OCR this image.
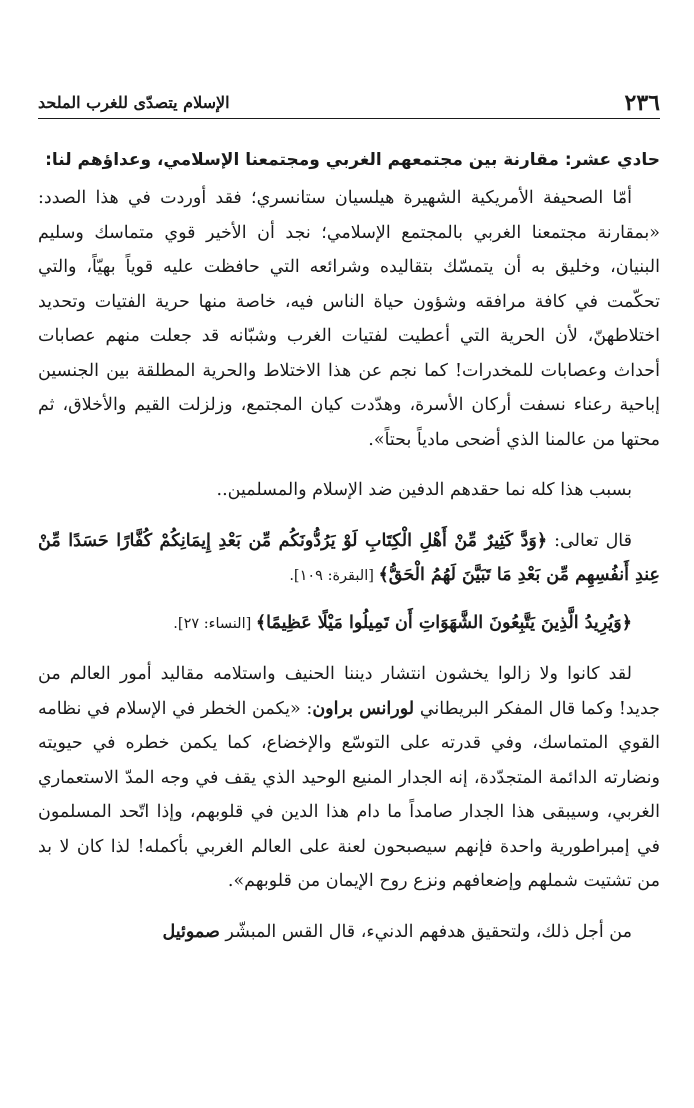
٢٣٦
الإسلام يتصدّى للغرب الملحد
حادي عشر: مقارنة بين مجتمعهم الغربي ومجتمعنا الإسلامي، وعداؤهم لنا:

أمّا الصحيفة الأمريكية الشهيرة هيلسيان ستانسري؛ فقد أوردت في هذا الصدد: «بمقارنة مجتمعنا الغربي بالمجتمع الإسلامي؛ نجد أن الأخير قوي متماسك وسليم البنيان، وخليق به أن يتمسّك بتقاليده وشرائعه التي حافظت عليه قوياً بهيّاً، والتي تحكّمت في كافة مرافقه وشؤون حياة الناس فيه، خاصة منها حرية الفتيات وتحديد اختلاطهنّ، لأن الحرية التي أعطيت لفتيات الغرب وشبّانه قد جعلت منهم عصابات أحداث وعصابات للمخدرات! كما نجم عن هذا الاختلاط والحرية المطلقة بين الجنسين إباحية رعناء نسفت أركان الأسرة، وهدّدت كيان المجتمع، وزلزلت القيم والأخلاق، ثم محتها من عالمنا الذي أضحى مادياً بحتاً».

بسبب هذا كله نما حقدهم الدفين ضد الإسلام والمسلمين..

قال تعالى: ﴿وَدَّ كَثِيرٌ مِّنْ أَهْلِ الْكِتَابِ لَوْ يَرُدُّونَكُم مِّن بَعْدِ إِيمَانِكُمْ كُفَّارًا حَسَدًا مِّنْ عِندِ أَنفُسِهِم مِّن بَعْدِ مَا تَبَيَّنَ لَهُمُ الْحَقُّ﴾ [البقرة: ١٠٩].

﴿وَيُرِيدُ الَّذِينَ يَتَّبِعُونَ الشَّهَوَاتِ أَن تَمِيلُوا مَيْلًا عَظِيمًا﴾ [النساء: ٢٧].

لقد كانوا ولا زالوا يخشون انتشار ديننا الحنيف واستلامه مقاليد أمور العالم من جديد! وكما قال المفكر البريطاني لورانس براون: «يكمن الخطر في الإسلام في نظامه القوي المتماسك، وفي قدرته على التوسّع والإخضاع، كما يكمن خطره في حيويته ونضارته الدائمة المتجدّدة، إنه الجدار المنيع الوحيد الذي يقف في وجه المدّ الاستعماري الغربي، وسيبقى هذا الجدار صامداً ما دام هذا الدين في قلوبهم، وإذا اتّحد المسلمون في إمبراطورية واحدة فإنهم سيصبحون لعنة على العالم الغربي بأكمله! لذا كان لا بد من تشتيت شملهم وإضعافهم ونزع روح الإيمان من قلوبهم».

من أجل ذلك، ولتحقيق هدفهم الدنيء، قال القس المبشّر صموئيل
